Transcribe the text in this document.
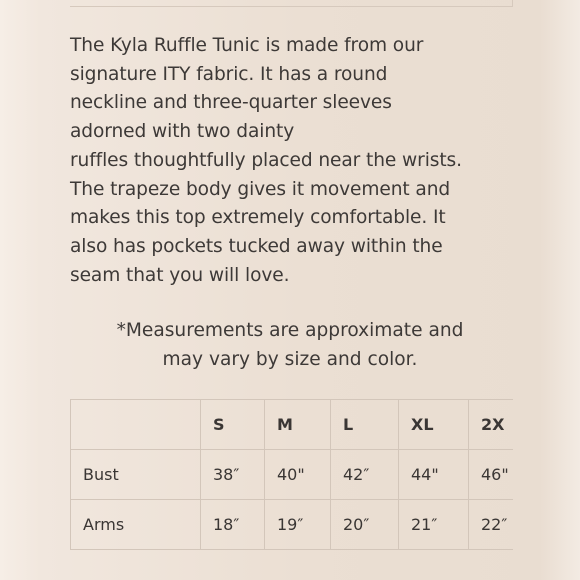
The Kyla Ruffle Tunic is made from our
signature ITY fabric. It has a round
neckline and three-quarter sleeves
adorned with two dainty
ruffles thoughtfully placed near the wrists.
The trapeze body gives it movement and
makes this top extremely comfortable. It
also has pockets tucked away within the
seam that you will love.

*Measurements are approximate and
may vary by size and color.

	S	M	L	XL	2X
Bust	38″	40"	42″	44"	46"
Arms	18″	19″	20″	21″	22″
